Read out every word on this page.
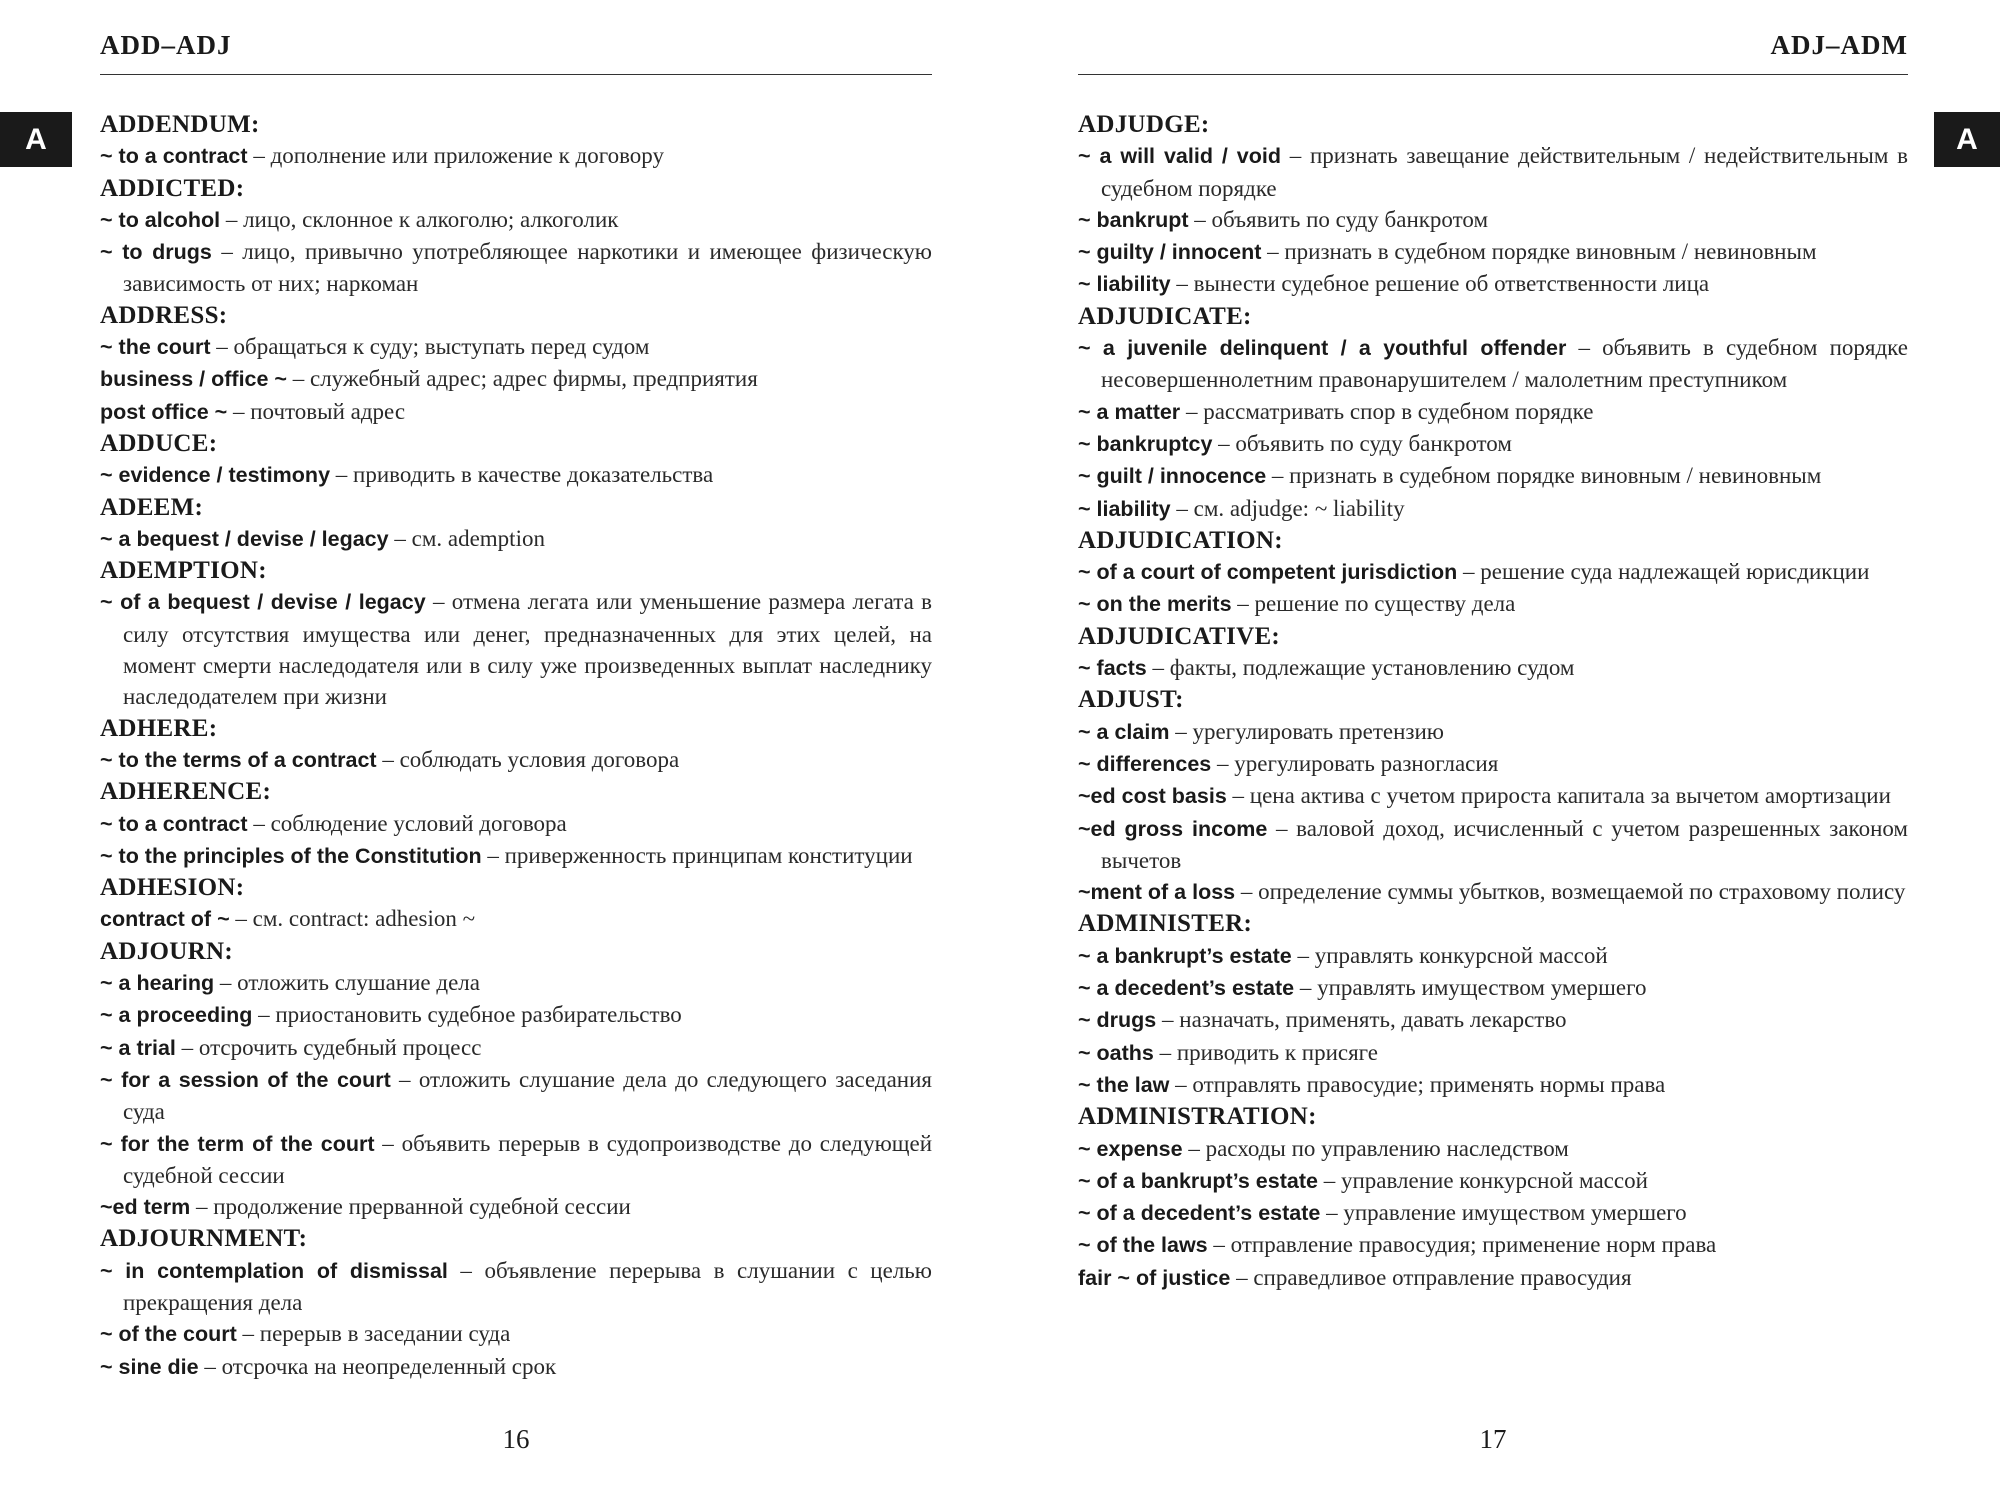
ADD–ADJ
ADDENDUM:
~ to a contract – дополнение или приложение к договору
ADDICTED:
~ to alcohol – лицо, склонное к алкоголю; алкоголик
~ to drugs – лицо, привычно употребляющее наркотики и имеющее физическую зависимость от них; наркоман
ADDRESS:
~ the court – обращаться к суду; выступать перед судом
business / office ~ – служебный адрес; адрес фирмы, предприятия
post office ~ – почтовый адрес
ADDUCE:
~ evidence / testimony – приводить в качестве доказательства
ADEEM:
~ a bequest / devise / legacy – см. ademption
ADEMPTION:
~ of a bequest / devise / legacy – отмена легата или уменьшение размера легата в силу отсутствия имущества или денег, предназначенных для этих целей, на момент смерти наследодателя или в силу уже произведенных выплат наследнику наследодателем при жизни
ADHERE:
~ to the terms of a contract – соблюдать условия договора
ADHERENCE:
~ to a contract – соблюдение условий договора
~ to the principles of the Constitution – приверженность принципам конституции
ADHESION:
contract of ~ – см. contract: adhesion ~
ADJOURN:
~ a hearing – отложить слушание дела
~ a proceeding – приостановить судебное разбирательство
~ a trial – отсрочить судебный процесс
~ for a session of the court – отложить слушание дела до следующего заседания суда
~ for the term of the court – объявить перерыв в судопроизводстве до следующей судебной сессии
~ed term – продолжение прерванной судебной сессии
ADJOURNMENT:
~ in contemplation of dismissal – объявление перерыва в слушании с целью прекращения дела
~ of the court – перерыв в заседании суда
~ sine die – отсрочка на неопределенный срок
16
ADJ–ADM
ADJUDGE:
~ a will valid / void – признать завещание действительным / недействительным в судебном порядке
~ bankrupt – объявить по суду банкротом
~ guilty / innocent – признать в судебном порядке виновным / невиновным
~ liability – вынести судебное решение об ответственности лица
ADJUDICATE:
~ a juvenile delinquent / a youthful offender – объявить в судебном порядке несовершеннолетним правонарушителем / малолетним преступником
~ a matter – рассматривать спор в судебном порядке
~ bankruptcy – объявить по суду банкротом
~ guilt / innocence – признать в судебном порядке виновным / невиновным
~ liability – см. adjudge: ~ liability
ADJUDICATION:
~ of a court of competent jurisdiction – решение суда надлежащей юрисдикции
~ on the merits – решение по существу дела
ADJUDICATIVE:
~ facts – факты, подлежащие установлению судом
ADJUST:
~ a claim – урегулировать претензию
~ differences – урегулировать разногласия
~ed cost basis – цена актива с учетом прироста капитала за вычетом амортизации
~ed gross income – валовой доход, исчисленный с учетом разрешенных законом вычетов
~ment of a loss – определение суммы убытков, возмещаемой по страховому полису
ADMINISTER:
~ a bankrupt’s estate – управлять конкурсной массой
~ a decedent’s estate – управлять имуществом умершего
~ drugs – назначать, применять, давать лекарство
~ oaths – приводить к присяге
~ the law – отправлять правосудие; применять нормы права
ADMINISTRATION:
~ expense – расходы по управлению наследством
~ of a bankrupt’s estate – управление конкурсной массой
~ of a decedent’s estate – управление имуществом умершего
~ of the laws – отправление правосудия; применение норм права
fair ~ of justice – справедливое отправление правосудия
17
A	A
